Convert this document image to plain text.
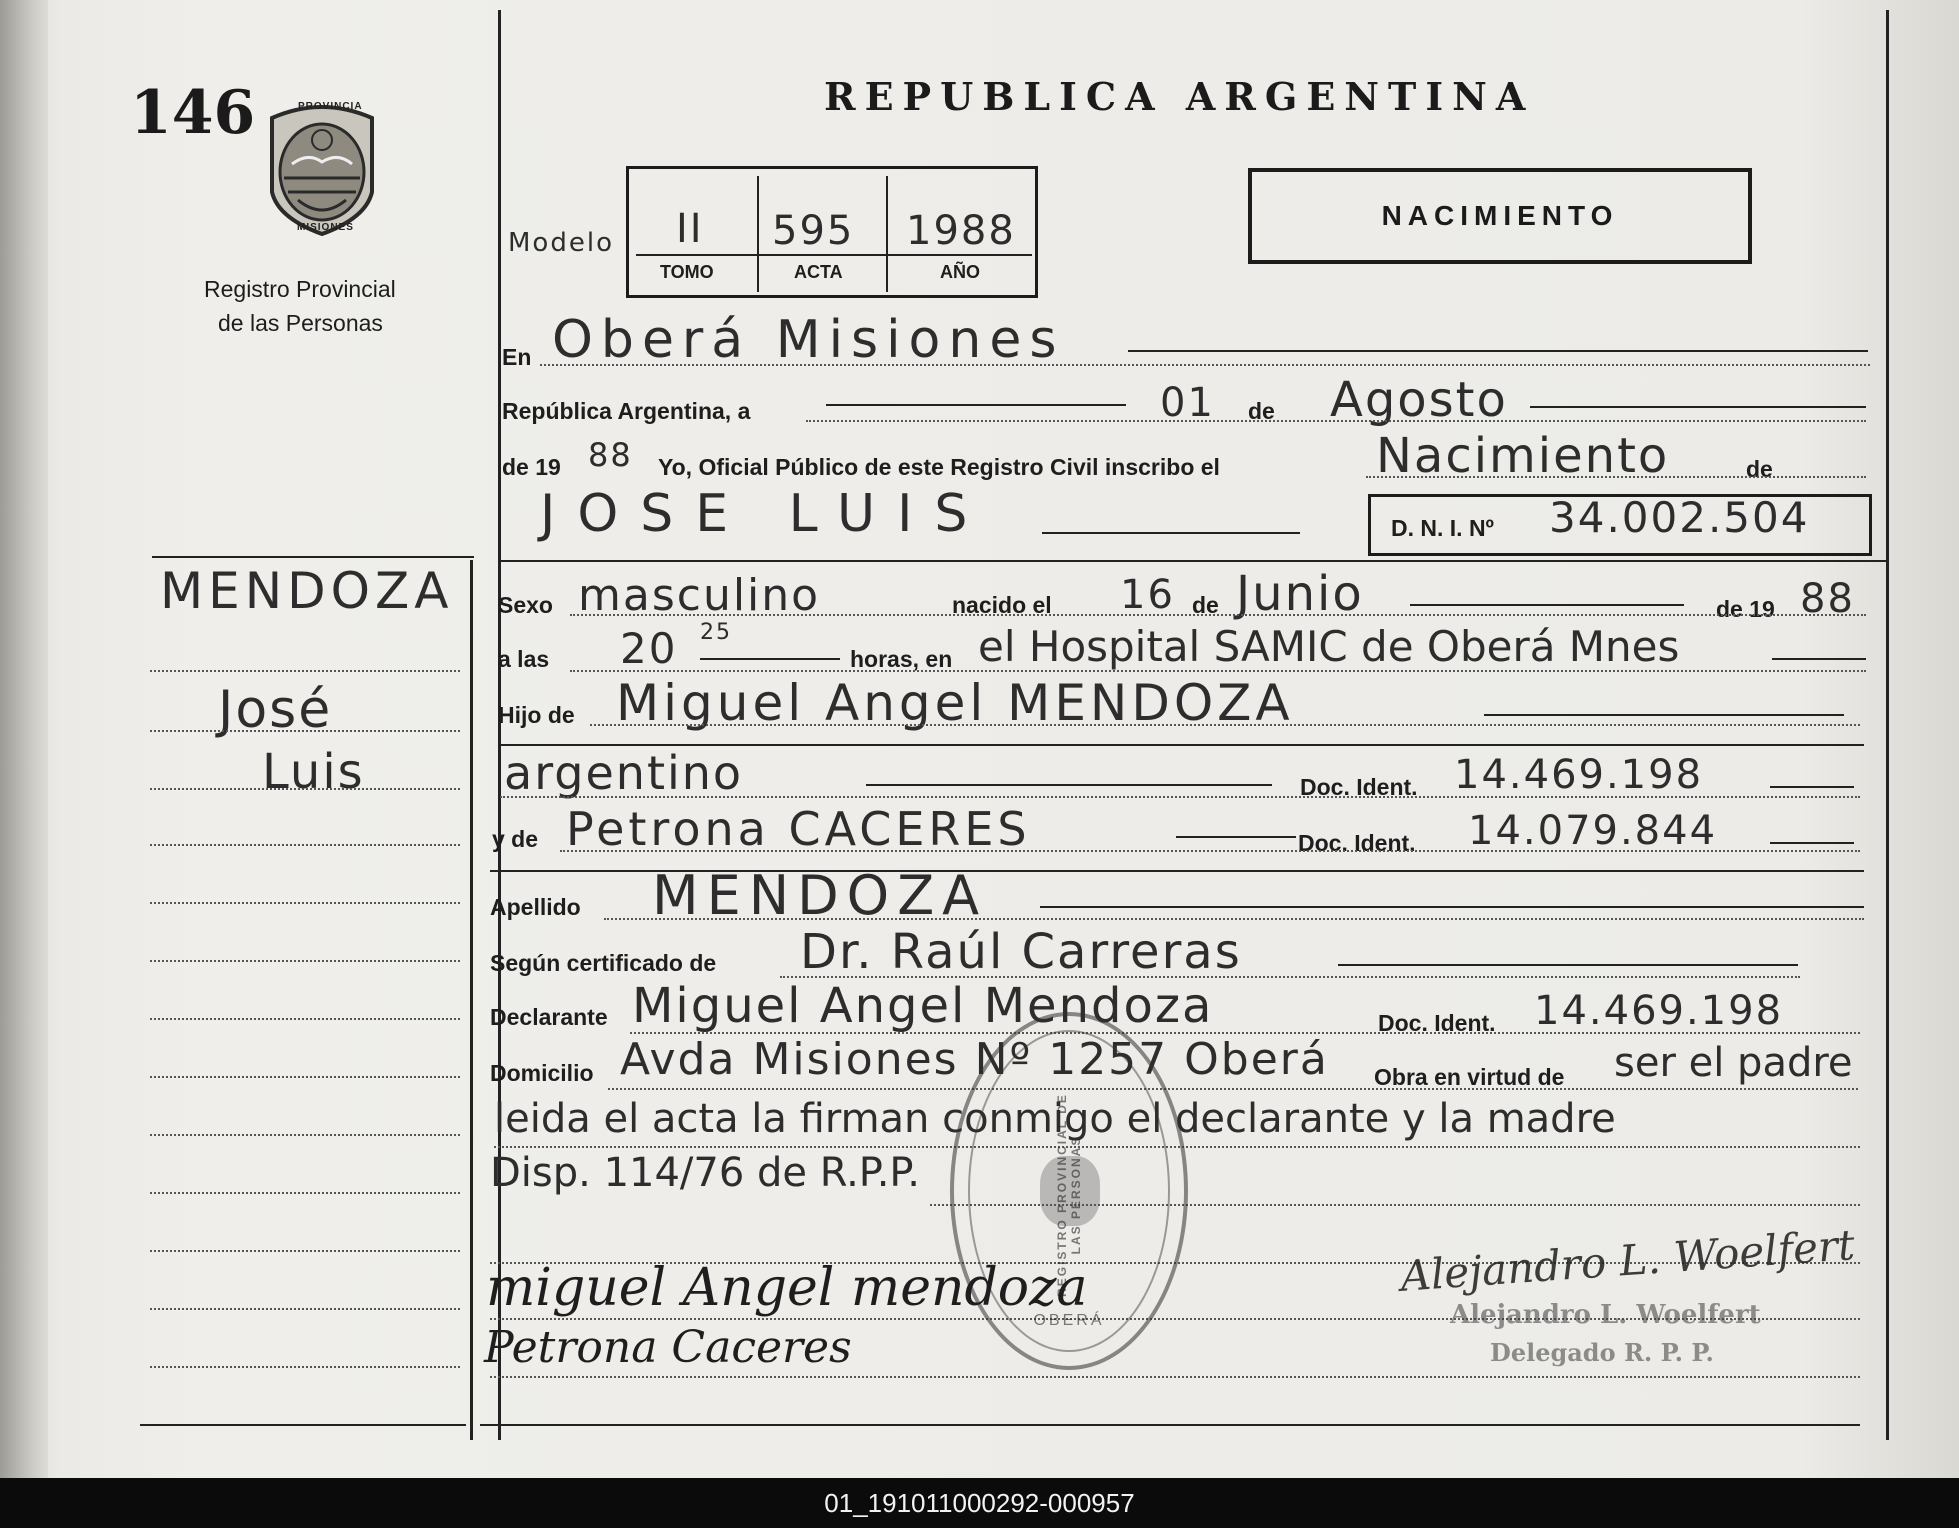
146	PROVINCIA
MISIONES
Registro Provincial
de las Personas
REPUBLICA ARGENTINA
NACIMIENTO
Modelo II 595 1988
TOMO	ACTA	AÑO
En Oberá Misiones
República Argentina, a	01 de Agosto
de 19 88 Yo, Oficial Público de este Registro Civil inscribo el	Nacimiento	de
JOSE LUIS	D. N. I. Nº 34.002.504
MENDOZA
José
Luis
Sexo masculino	nacido el 16 de Junio	de 19 88
a las 20 25
horas, en el Hospital SAMIC de Oberá Mnes
Hijo de Miguel Angel MENDOZA
argentino	Doc. Ident. 14.469.198
y de Petrona CACERES	Doc. Ident. 14.079.844
Apellido MENDOZA
Según certificado de Dr. Raúl Carreras
Declarante Miguel Angel Mendoza	Doc. Ident. 14.469.198
Domicilio Avda Misiones Nº 1257 Oberá Obra en virtud de ser el padre
leida el acta la firman conmigo el declarante y la madre
Disp. 114/76 de R.P.P.	REGISTRO PROVINCIAL DE LAS PERSONAS
OBERÁ
miguel Angel mendoza
Petrona Caceres
Alejandro L. Woelfert
Alejandro L. Woelfert
Delegado R. P. P.
01_191011000292-000957
